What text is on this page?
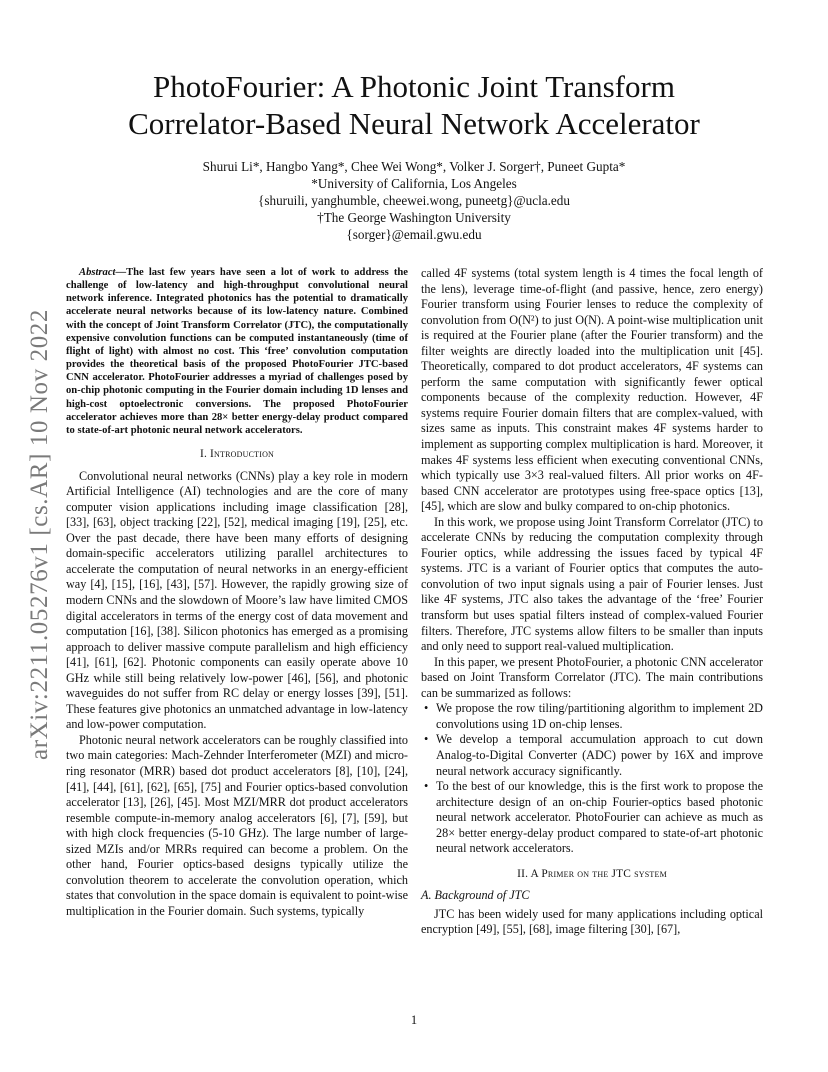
arXiv:2211.05276v1 [cs.AR] 10 Nov 2022
PhotoFourier: A Photonic Joint Transform
Correlator-Based Neural Network Accelerator
Shurui Li*, Hangbo Yang*, Chee Wei Wong*, Volker J. Sorger†, Puneet Gupta*
*University of California, Los Angeles
{shuruili, yanghumble, cheewei.wong, puneetg}@ucla.edu
†The George Washington University
{sorger}@email.gwu.edu

Abstract—The last few years have seen a lot of work to address the challenge of low-latency and high-throughput convolutional neural network inference. Integrated photonics has the potential to dramatically accelerate neural networks because of its low-latency nature. Combined with the concept of Joint Transform Correlator (JTC), the computationally expensive convolution functions can be computed instantaneously (time of flight of light) with almost no cost. This ‘free’ convolution computation provides the theoretical basis of the proposed PhotoFourier JTC-based CNN accelerator. PhotoFourier addresses a myriad of challenges posed by on-chip photonic computing in the Fourier domain including 1D lenses and high-cost optoelectronic conversions. The proposed PhotoFourier accelerator achieves more than 28× better energy-delay product compared to state-of-art photonic neural network accelerators.

I. Introduction

Convolutional neural networks (CNNs) play a key role in modern Artificial Intelligence (AI) technologies and are the core of many computer vision applications including image classification [28], [33], [63], object tracking [22], [52], medical imaging [19], [25], etc. Over the past decade, there have been many efforts of designing domain-specific accelerators utilizing parallel architectures to accelerate the computation of neural networks in an energy-efficient way [4], [15], [16], [43], [57]. However, the rapidly growing size of modern CNNs and the slowdown of Moore’s law have limited CMOS digital accelerators in terms of the energy cost of data movement and computation [16], [38]. Silicon photonics has emerged as a promising approach to deliver massive compute parallelism and high efficiency [41], [61], [62]. Photonic components can easily operate above 10 GHz while still being relatively low-power [46], [56], and photonic waveguides do not suffer from RC delay or energy losses [39], [51]. These features give photonics an unmatched advantage in low-latency and low-power computation.

Photonic neural network accelerators can be roughly classified into two main categories: Mach-Zehnder Interferometer (MZI) and micro-ring resonator (MRR) based dot product accelerators [8], [10], [24], [41], [44], [61], [62], [65], [75] and Fourier optics-based convolution accelerator [13], [26], [45]. Most MZI/MRR dot product accelerators resemble compute-in-memory analog accelerators [6], [7], [59], but with high clock frequencies (5-10 GHz). The large number of large-sized MZIs and/or MRRs required can become a problem. On the other hand, Fourier optics-based designs typically utilize the convolution theorem to accelerate the convolution operation, which states that convolution in the space domain is equivalent to point-wise multiplication in the Fourier domain. Such systems, typically

called 4F systems (total system length is 4 times the focal length of the lens), leverage time-of-flight (and passive, hence, zero energy) Fourier transform using Fourier lenses to reduce the complexity of convolution from O(N²) to just O(N). A point-wise multiplication unit is required at the Fourier plane (after the Fourier transform) and the filter weights are directly loaded into the multiplication unit [45]. Theoretically, compared to dot product accelerators, 4F systems can perform the same computation with significantly fewer optical components because of the complexity reduction. However, 4F systems require Fourier domain filters that are complex-valued, with sizes same as inputs. This constraint makes 4F systems harder to implement as supporting complex multiplication is hard. Moreover, it makes 4F systems less efficient when executing conventional CNNs, which typically use 3×3 real-valued filters. All prior works on 4F-based CNN accelerator are prototypes using free-space optics [13], [45], which are slow and bulky compared to on-chip photonics.

In this work, we propose using Joint Transform Correlator (JTC) to accelerate CNNs by reducing the computation complexity through Fourier optics, while addressing the issues faced by typical 4F systems. JTC is a variant of Fourier optics that computes the auto-convolution of two input signals using a pair of Fourier lenses. Just like 4F systems, JTC also takes the advantage of the ‘free’ Fourier transform but uses spatial filters instead of complex-valued Fourier filters. Therefore, JTC systems allow filters to be smaller than inputs and only need to support real-valued multiplication.

In this paper, we present PhotoFourier, a photonic CNN accelerator based on Joint Transform Correlator (JTC). The main contributions can be summarized as follows:

• We propose the row tiling/partitioning algorithm to implement 2D convolutions using 1D on-chip lenses.
• We develop a temporal accumulation approach to cut down Analog-to-Digital Converter (ADC) power by 16X and improve neural network accuracy significantly.
• To the best of our knowledge, this is the first work to propose the architecture design of an on-chip Fourier-optics based photonic neural network accelerator. PhotoFourier can achieve as much as 28× better energy-delay product compared to state-of-art photonic neural network accelerators.
II. A Primer on the JTC system
A. Background of JTC

JTC has been widely used for many applications including optical encryption [49], [55], [68], image filtering [30], [67],

1
